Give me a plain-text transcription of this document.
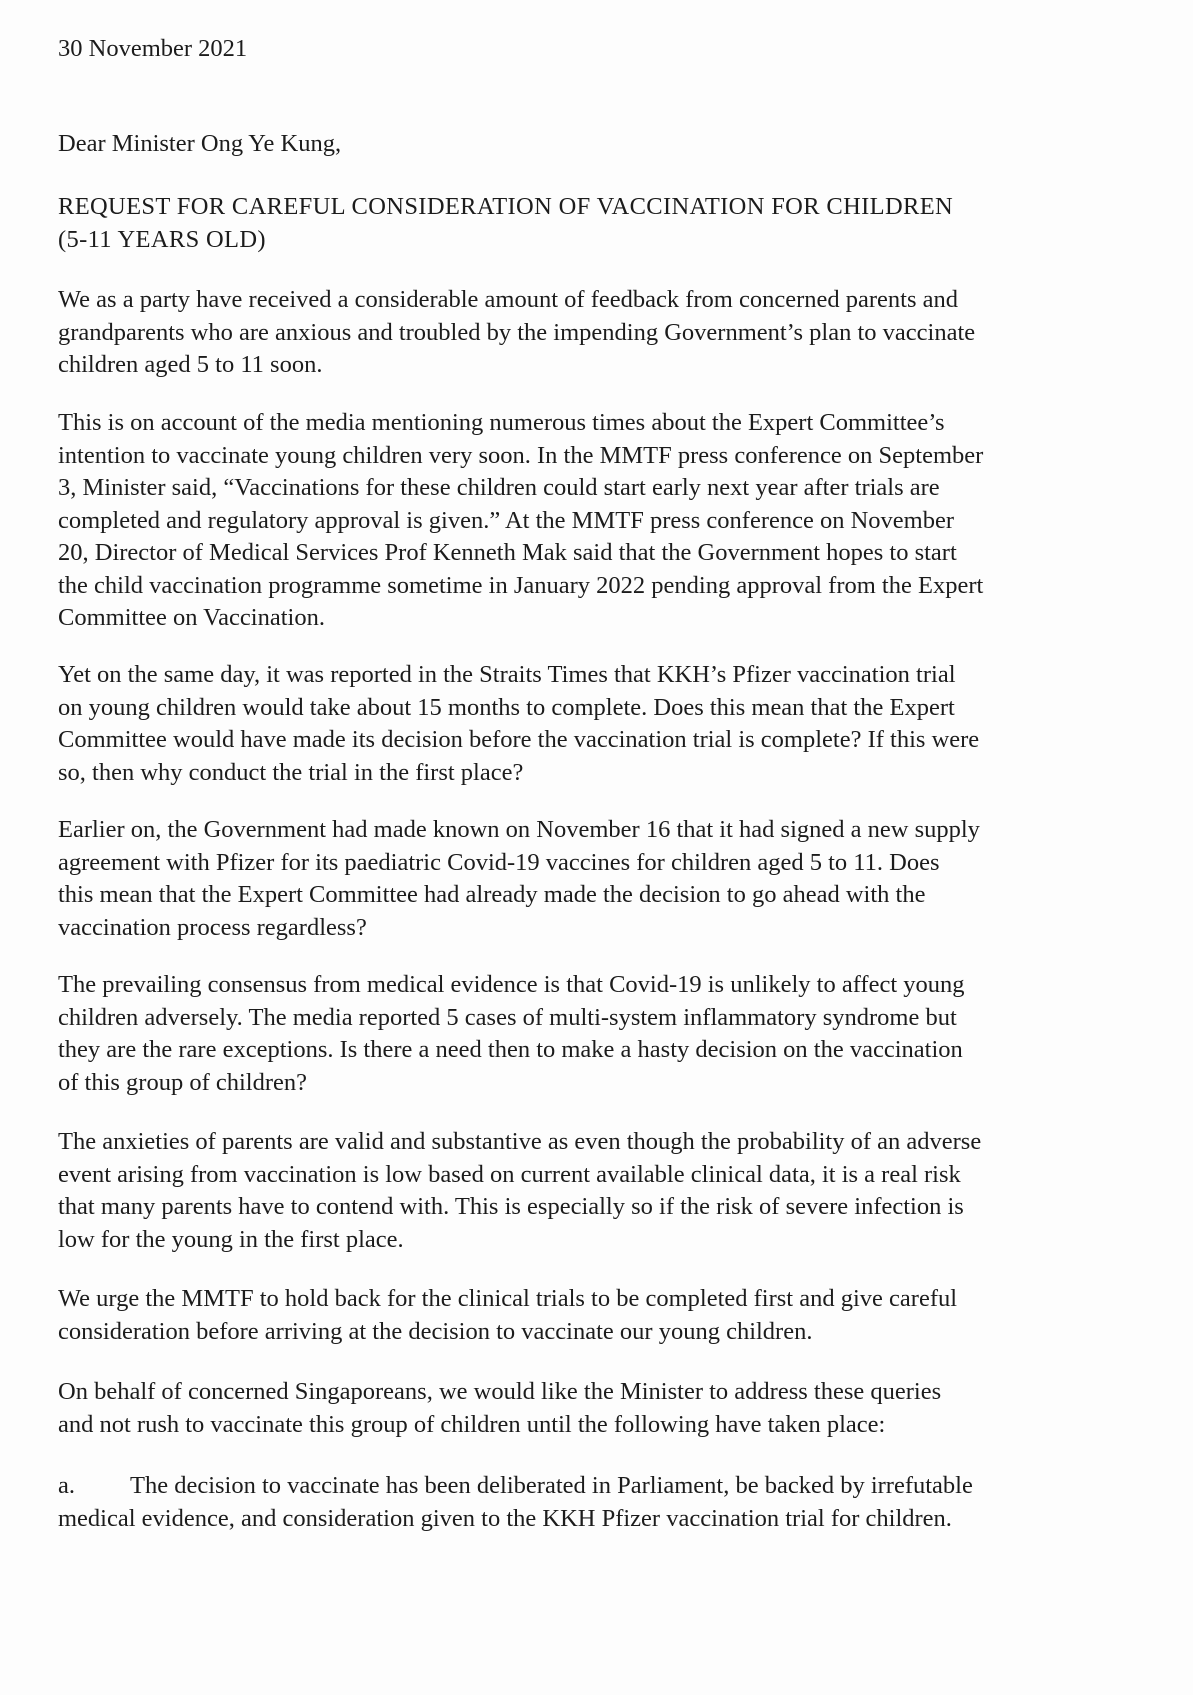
30 November 2021
Dear Minister Ong Ye Kung,
REQUEST FOR CAREFUL CONSIDERATION OF VACCINATION FOR CHILDREN
(5-11 YEARS OLD)
We as a party have received a considerable amount of feedback from concerned parents and
grandparents who are anxious and troubled by the impending Government’s plan to vaccinate
children aged 5 to 11 soon.
This is on account of the media mentioning numerous times about the Expert Committee’s
intention to vaccinate young children very soon. In the MMTF press conference on September
3, Minister said, “Vaccinations for these children could start early next year after trials are
completed and regulatory approval is given.” At the MMTF press conference on November
20, Director of Medical Services Prof Kenneth Mak said that the Government hopes to start
the child vaccination programme sometime in January 2022 pending approval from the Expert
Committee on Vaccination.
Yet on the same day, it was reported in the Straits Times that KKH’s Pfizer vaccination trial
on young children would take about 15 months to complete. Does this mean that the Expert
Committee would have made its decision before the vaccination trial is complete? If this were
so, then why conduct the trial in the first place?
Earlier on, the Government had made known on November 16 that it had signed a new supply
agreement with Pfizer for its paediatric Covid-19 vaccines for children aged 5 to 11. Does
this mean that the Expert Committee had already made the decision to go ahead with the
vaccination process regardless?
The prevailing consensus from medical evidence is that Covid-19 is unlikely to affect young
children adversely. The media reported 5 cases of multi-system inflammatory syndrome but
they are the rare exceptions. Is there a need then to make a hasty decision on the vaccination
of this group of children?
The anxieties of parents are valid and substantive as even though the probability of an adverse
event arising from vaccination is low based on current available clinical data, it is a real risk
that many parents have to contend with. This is especially so if the risk of severe infection is
low for the young in the first place.
We urge the MMTF to hold back for the clinical trials to be completed first and give careful
consideration before arriving at the decision to vaccinate our young children.
On behalf of concerned Singaporeans, we would like the Minister to address these queries
and not rush to vaccinate this group of children until the following have taken place:
a. The decision to vaccinate has been deliberated in Parliament, be backed by irrefutable
medical evidence, and consideration given to the KKH Pfizer vaccination trial for children.
